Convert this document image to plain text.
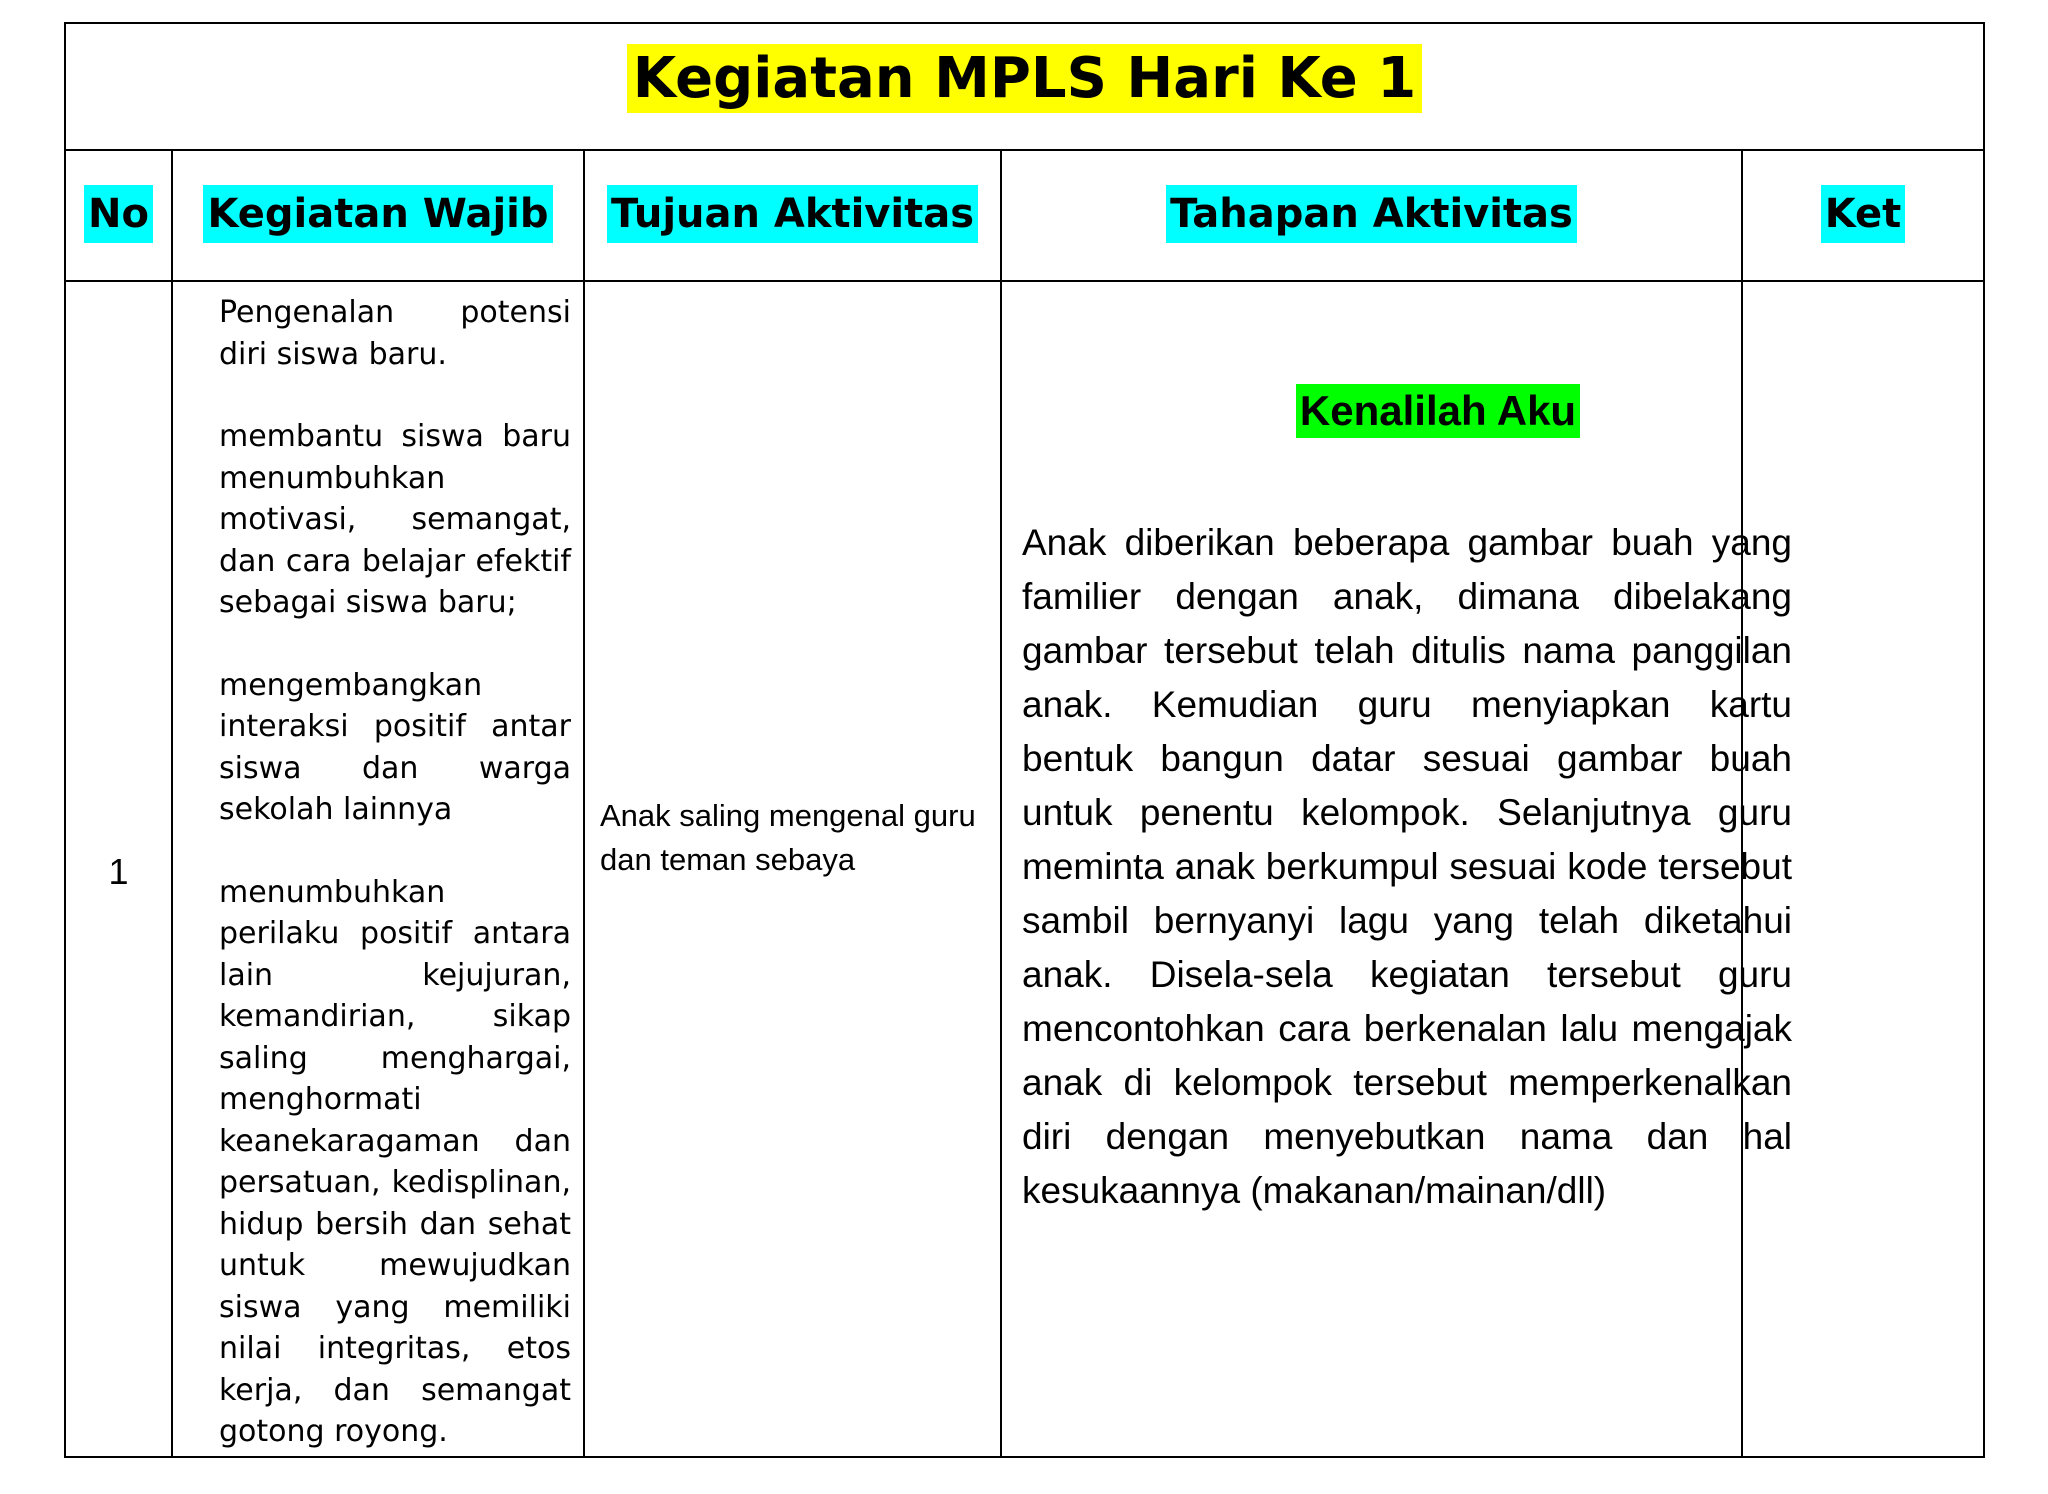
Kegiatan MPLS Hari Ke 1
No Kegiatan Wajib Tujuan Aktivitas	Tahapan Aktivitas	Ket
1

Pengenalan potensi diri siswa baru.

membantu siswa baru menumbuhkan motivasi, semangat, dan cara belajar efektif sebagai siswa baru;

mengembangkan interaksi positif antar siswa dan warga sekolah lainnya

menumbuhkan perilaku positif antara lain kejujuran, kemandirian, sikap saling menghargai, menghormati keanekaragaman dan persatuan, kedisplinan, hidup bersih dan sehat untuk mewujudkan siswa yang memiliki nilai integritas, etos kerja, dan semangat gotong royong.

Anak saling mengenal guru dan teman sebaya
Kenalilah Aku
Anak diberikan beberapa gambar buah yang familier dengan anak, dimana dibelakang gambar tersebut telah ditulis nama panggilan anak. Kemudian guru menyiapkan kartu bentuk bangun datar sesuai gambar buah untuk penentu kelompok. Selanjutnya guru meminta anak berkumpul sesuai kode tersebut sambil bernyanyi lagu yang telah diketahui anak. Disela-sela kegiatan tersebut guru mencontohkan cara berkenalan lalu mengajak anak di kelompok tersebut memperkenalkan diri dengan menyebutkan nama dan hal kesukaannya (makanan/mainan/dll)
